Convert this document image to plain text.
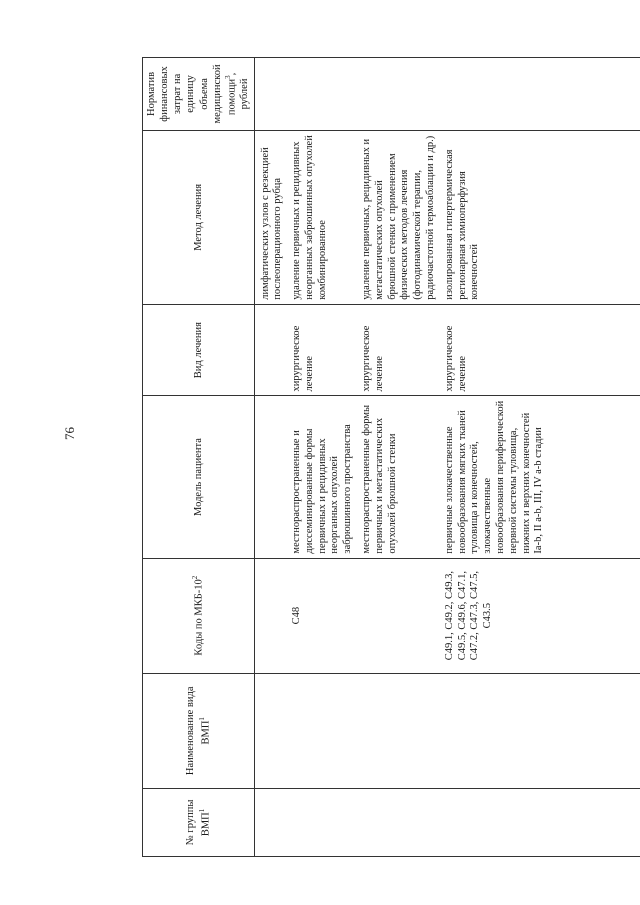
76
№ группы ВМП$^1$	Наименование вида ВМП$^1$	Коды по МКБ-$10^2$	Модель пациента	Вид лечения	Метод лечения	Норматив финансовых затрат на единицу объема медицинской помощи$^3$, рублей
					лимфатических узлов с резекцией послеоперационного рубца	
		С48	местнораспространенные и диссеминированные формы первичных и рецидивных неорганных опухолей забрюшинного пространства	хирургическое лечение	удаление первичных и рецидивных неорганных забрюшинных опухолей комбинированное	
			местнораспространенные формы первичных и метастатических опухолей брюшной стенки	хирургическое лечение	удаление первичных, рецидивных и метастатических опухолей брюшной стенки с применением физических методов лечения (фотодинамической терапии, радиочастотной термоаблации и др.)	
		С49.1, С49.2, С49.3, С49.5, С49.6, С47.1, С47.2, С47.3, С47.5, С43.5	первичные злокачественные новообразования мягких тканей туловища и конечностей, злокачественные новообразования периферической нервной системы туловища, нижних и верхних конечностей Ia-b, II a-b, III, IV a-b стадии	хирургическое лечение	изолированная гипертермическая регионарная химиоперфузия конечностей	
